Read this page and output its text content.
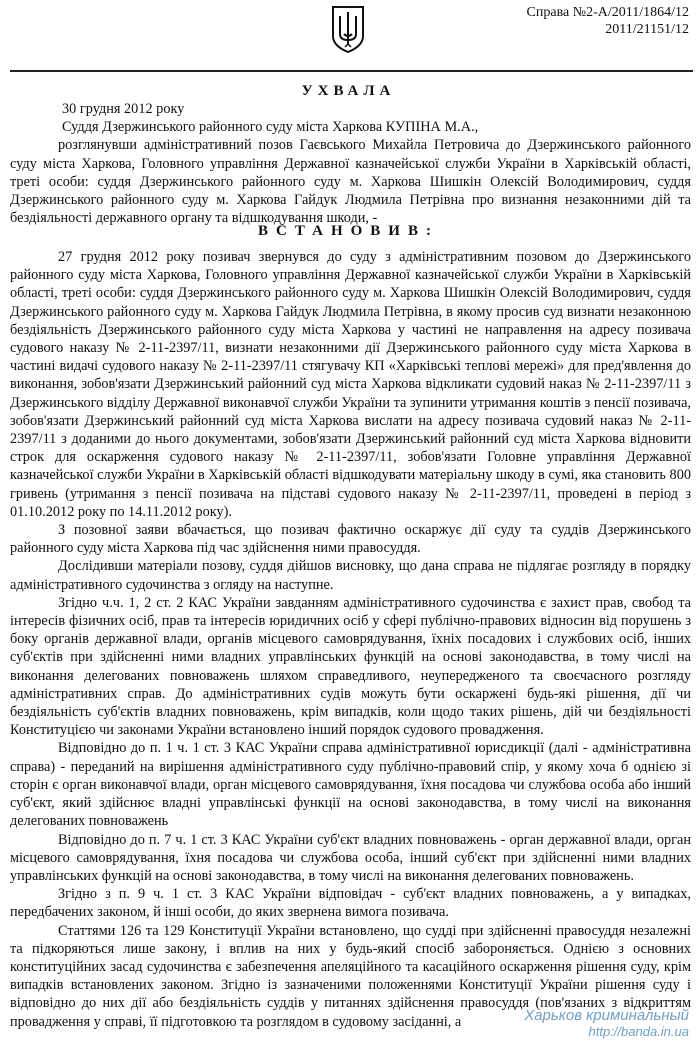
Справа №2-А/2011/1864/12
2011/21151/12
УХВАЛА
30 грудня 2012 року
Суддя Дзержинського районного суду міста Харкова КУПІНА М.А.,

розглянувши адміністративний позов Гаєвського Михайла Петровича до Дзержинського районного суду міста Харкова, Головного управління Державної казначейської служби України в Харківській області, треті особи: суддя Дзержинського районного суду м. Харкова Шишкін Олексій Володимирович, суддя Дзержинського районного суду м. Харкова Гайдук Людмила Петрівна про визнання незаконними дій та бездіяльності державного органу та відшкодування шкоди, -

ВСТАНОВИВ:

27 грудня 2012 року позивач звернувся до суду з адміністративним позовом до Дзержинського районного суду міста Харкова, Головного управління Державної казначейської служби України в Харківській області, треті особи: суддя Дзержинського районного суду м. Харкова Шишкін Олексій Володимирович, суддя Дзержинського районного суду м. Харкова Гайдук Людмила Петрівна, в якому просив суд визнати незаконною бездіяльність Дзержинського районного суду міста Харкова у частині не направлення на адресу позивача судового наказу № 2-11-2397/11, визнати незаконними дії Дзержинського районного суду міста Харкова в частині видачі судового наказу № 2-11-2397/11 стягувачу КП «Харківські теплові мережі» для пред'явлення до виконання, зобов'язати Дзержинський районний суд міста Харкова відкликати судовий наказ № 2-11-2397/11 з Дзержинського відділу Державної виконавчої служби України та зупинити утримання коштів з пенсії позивача, зобов'язати Дзержинський районний суд міста Харкова вислати на адресу позивача судовий наказ № 2-11-2397/11 з доданими до нього документами, зобов'язати Дзержинський районний суд міста Харкова відновити строк для оскарження судового наказу № 2-11-2397/11, зобов'язати Головне управління Державної казначейської служби України в Харківській області відшкодувати матеріальну шкоду в сумі, яка становить 800 гривень (утримання з пенсії позивача на підставі судового наказу № 2-11-2397/11, проведені в період з 01.10.2012 року по 14.11.2012 року).

З позовної заяви вбачається, що позивач фактично оскаржує дії суду та суддів Дзержинського районного суду міста Харкова під час здійснення ними правосуддя.

Дослідивши матеріали позову, суддя дійшов висновку, що дана справа не підлягає розгляду в порядку адміністративного судочинства з огляду на наступне.

Згідно ч.ч. 1, 2 ст. 2 КАС України завданням адміністративного судочинства є захист прав, свобод та інтересів фізичних осіб, прав та інтересів юридичних осіб у сфері публічно-правових відносин від порушень з боку органів державної влади, органів місцевого самоврядування, їхніх посадових і службових осіб, інших суб'єктів при здійсненні ними владних управлінських функцій на основі законодавства, в тому числі на виконання делегованих повноважень шляхом справедливого, неупередженого та своєчасного розгляду адміністративних справ. До адміністративних судів можуть бути оскаржені будь-які рішення, дії чи бездіяльність суб'єктів владних повноважень, крім випадків, коли щодо таких рішень, дій чи бездіяльності Конституцією чи законами України встановлено інший порядок судового провадження.

Відповідно до п. 1 ч. 1 ст. 3 КАС України справа адміністративної юрисдикції (далі - адміністративна справа) - переданий на вирішення адміністративного суду публічно-правовий спір, у якому хоча б однією зі сторін є орган виконавчої влади, орган місцевого самоврядування, їхня посадова чи службова особа або інший суб'єкт, який здійснює владні управлінські функції на основі законодавства, в тому числі на виконання делегованих повноважень

Відповідно до п. 7 ч. 1 ст. 3 КАС України суб'єкт владних повноважень - орган державної влади, орган місцевого самоврядування, їхня посадова чи службова особа, інший суб'єкт при здійсненні ними владних управлінських функцій на основі законодавства, в тому числі на виконання делегованих повноважень.

Згідно з п. 9 ч. 1 ст. 3 КАС України відповідач - суб'єкт владних повноважень, а у випадках, передбачених законом, й інші особи, до яких звернена вимога позивача.

Статтями 126 та 129 Конституції України встановлено, що судді при здійсненні правосуддя незалежні та підкоряються лише закону, і вплив на них у будь-який спосіб забороняється. Однією з основних конституційних засад судочинства є забезпечення апеляційного та касаційного оскарження рішення суду, крім випадків встановлених законом. Згідно із зазначеними положеннями Конституції України рішення суду і відповідно до них дії або бездіяльність суддів у питаннях здійснення правосуддя (пов'язаних з відкриттям провадження у справі, її підготовкою та розглядом в судовому засіданні, а	Харьков криминальный
http://banda.in.ua
